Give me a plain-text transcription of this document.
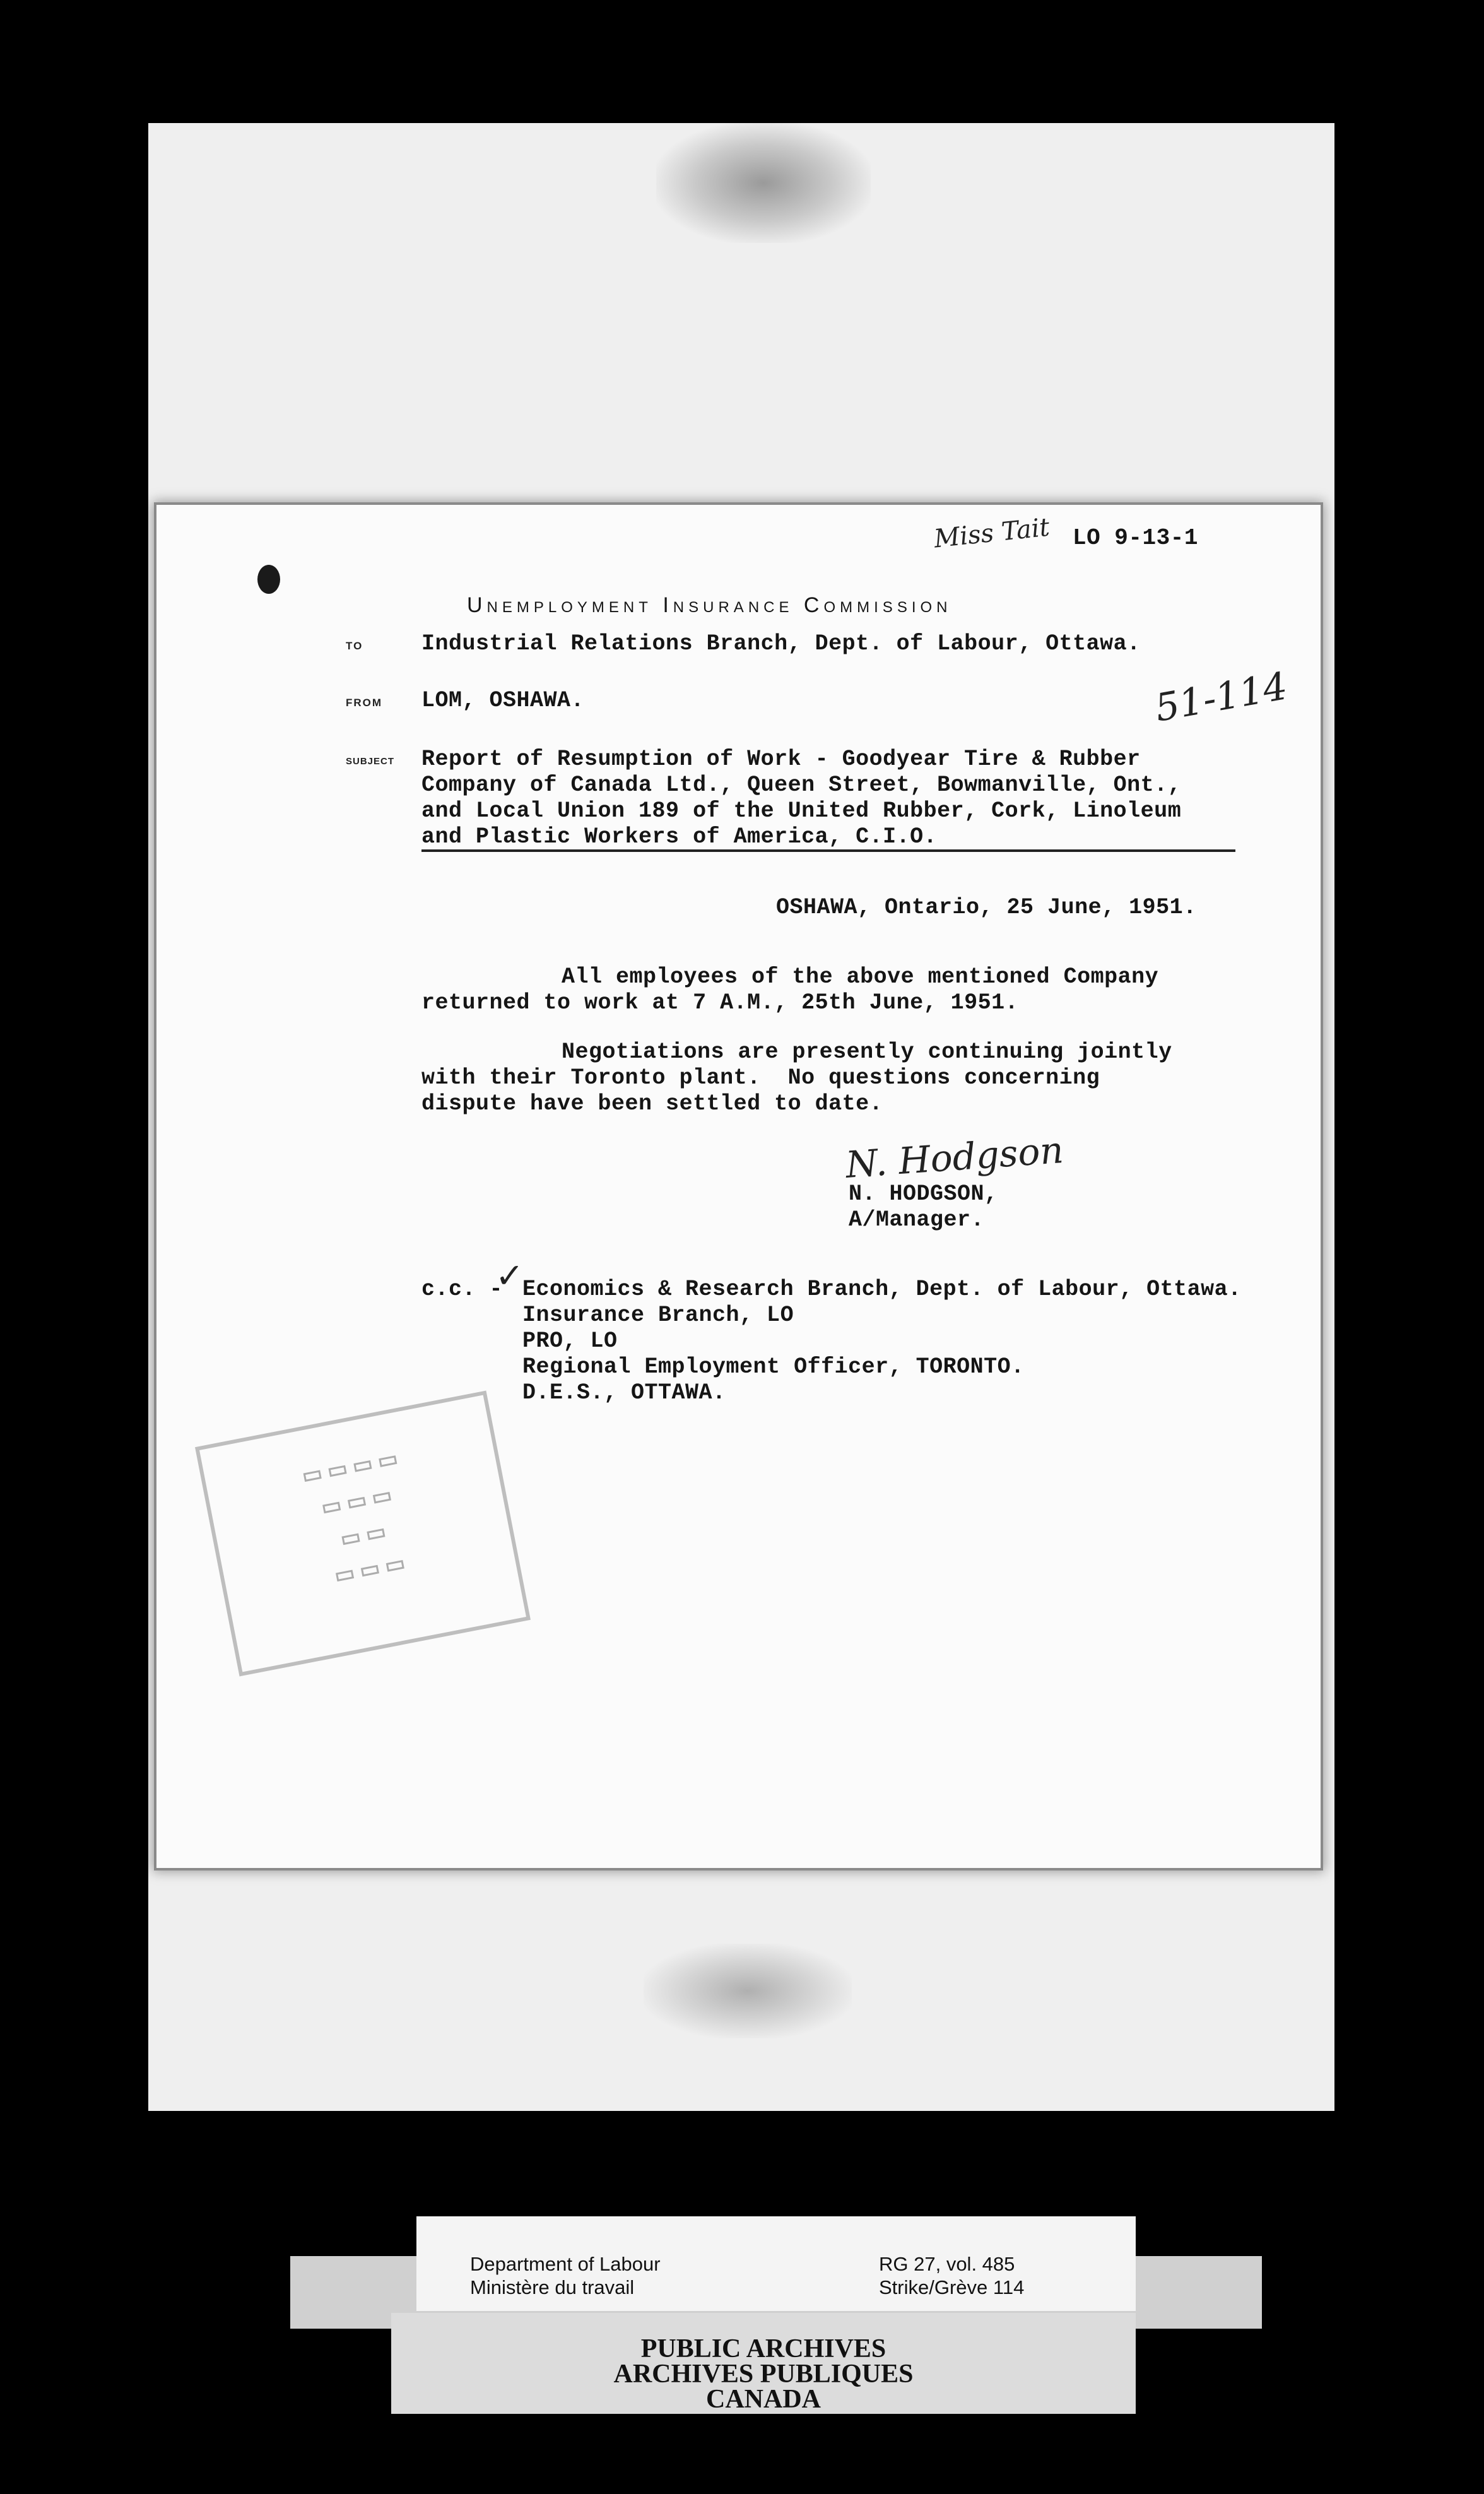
Miss Tait LO 9-13-1
51-114
Unemployment Insurance Commission
TO	Industrial Relations Branch, Dept. of Labour, Ottawa.
FROM LOM, OSHAWA.
SUBJECT Report of Resumption of Work - Goodyear Tire & Rubber
Company of Canada Ltd., Queen Street, Bowmanville, Ont.,
and Local Union 189 of the United Rubber, Cork, Linoleum
and Plastic Workers of America, C.I.O.
OSHAWA, Ontario, 25 June, 1951.
All employees of the above mentioned Company
returned to work at 7 A.M., 25th June, 1951.
Negotiations are presently continuing jointly
with their Toronto plant.  No questions concerning
dispute have been settled to date.
N. Hodgson
N. HODGSON,
A/Manager.
c.c. -
✓
Economics & Research Branch, Dept. of Labour, Ottawa.
Insurance Branch, LO
PRO, LO
Regional Employment Officer, TORONTO.
D.E.S., OTTAWA.
▭ ▭ ▭ ▭
▭ ▭ ▭
▭ ▭
▭ ▭ ▭
Department of Labour
Ministère du travail
RG 27, vol. 485
Strike/Grève 114
PUBLIC ARCHIVES
ARCHIVES PUBLIQUES
CANADA
